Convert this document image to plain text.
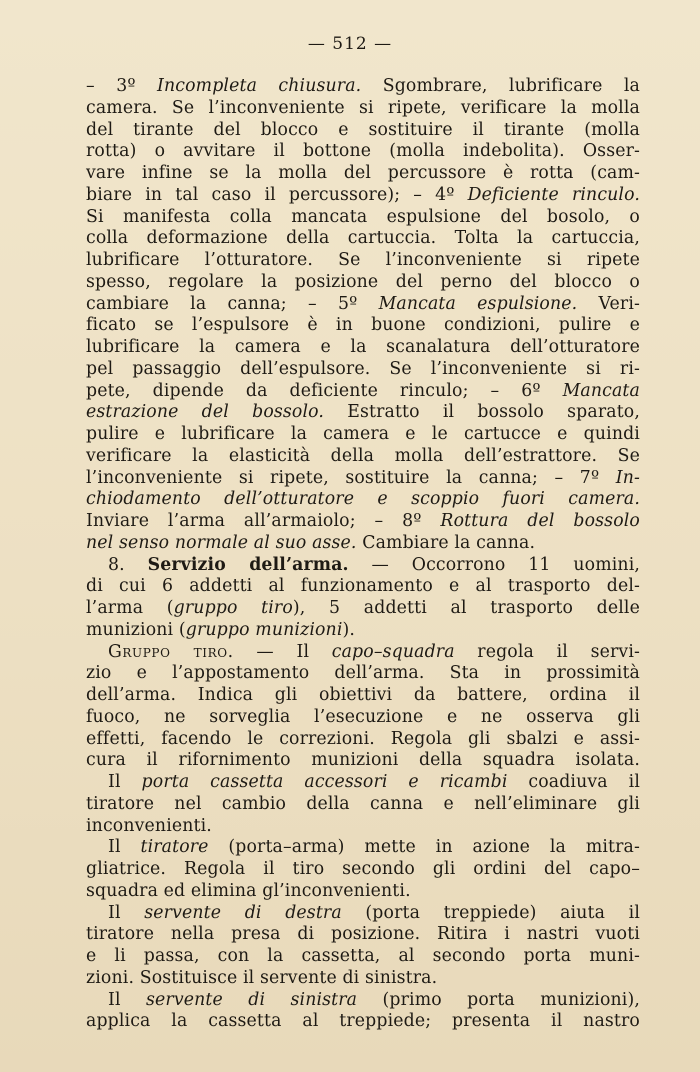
— 512 —

– 3º Incompleta chiusura. Sgombrare, lubrificare la
camera. Se l’inconveniente si ripete, verificare la molla
del tirante del blocco e sostituire il tirante (molla
rotta) o avvitare il bottone (molla indebolita). Osser-
vare infine se la molla del percussore è rotta (cam-
biare in tal caso il percussore); – 4º Deficiente rinculo.
Si manifesta colla mancata espulsione del bosolo, o
colla deformazione della cartuccia. Tolta la cartuccia,
lubrificare l’otturatore. Se l’inconveniente si ripete
spesso, regolare la posizione del perno del blocco o
cambiare la canna; – 5º Mancata espulsione. Veri-
ficato se l’espulsore è in buone condizioni, pulire e
lubrificare la camera e la scanalatura dell’otturatore
pel passaggio dell’espulsore. Se l’inconveniente si ri-
pete, dipende da deficiente rinculo; – 6º Mancata
estrazione del bossolo. Estratto il bossolo sparato,
pulire e lubrificare la camera e le cartucce e quindi
verificare la elasticità della molla dell’estrattore. Se
l’inconveniente si ripete, sostituire la canna; – 7º In-
chiodamento dell’otturatore e scoppio fuori camera.
Inviare l’arma all’armaiolo; – 8º Rottura del bossolo
nel senso normale al suo asse. Cambiare la canna.

8. Servizio dell’arma. — Occorrono 11 uomini,
di cui 6 addetti al funzionamento e al trasporto del-
l’arma (gruppo tiro), 5 addetti al trasporto delle
munizioni (gruppo munizioni).

Gruppo tiro. — Il capo–squadra regola il servi-
zio e l’appostamento dell’arma. Sta in prossimità
dell’arma. Indica gli obiettivi da battere, ordina il
fuoco, ne sorveglia l’esecuzione e ne osserva gli
effetti, facendo le correzioni. Regola gli sbalzi e assi-
cura il rifornimento munizioni della squadra isolata.

Il porta cassetta accessori e ricambi coadiuva il
tiratore nel cambio della canna e nell’eliminare gli
inconvenienti.

Il tiratore (porta–arma) mette in azione la mitra-
gliatrice. Regola il tiro secondo gli ordini del capo–
squadra ed elimina gl’inconvenienti.

Il servente di destra (porta treppiede) aiuta il
tiratore nella presa di posizione. Ritira i nastri vuoti
e li passa, con la cassetta, al secondo porta muni-
zioni. Sostituisce il servente di sinistra.

Il servente di sinistra (primo porta munizioni),
applica la cassetta al treppiede; presenta il nastro
